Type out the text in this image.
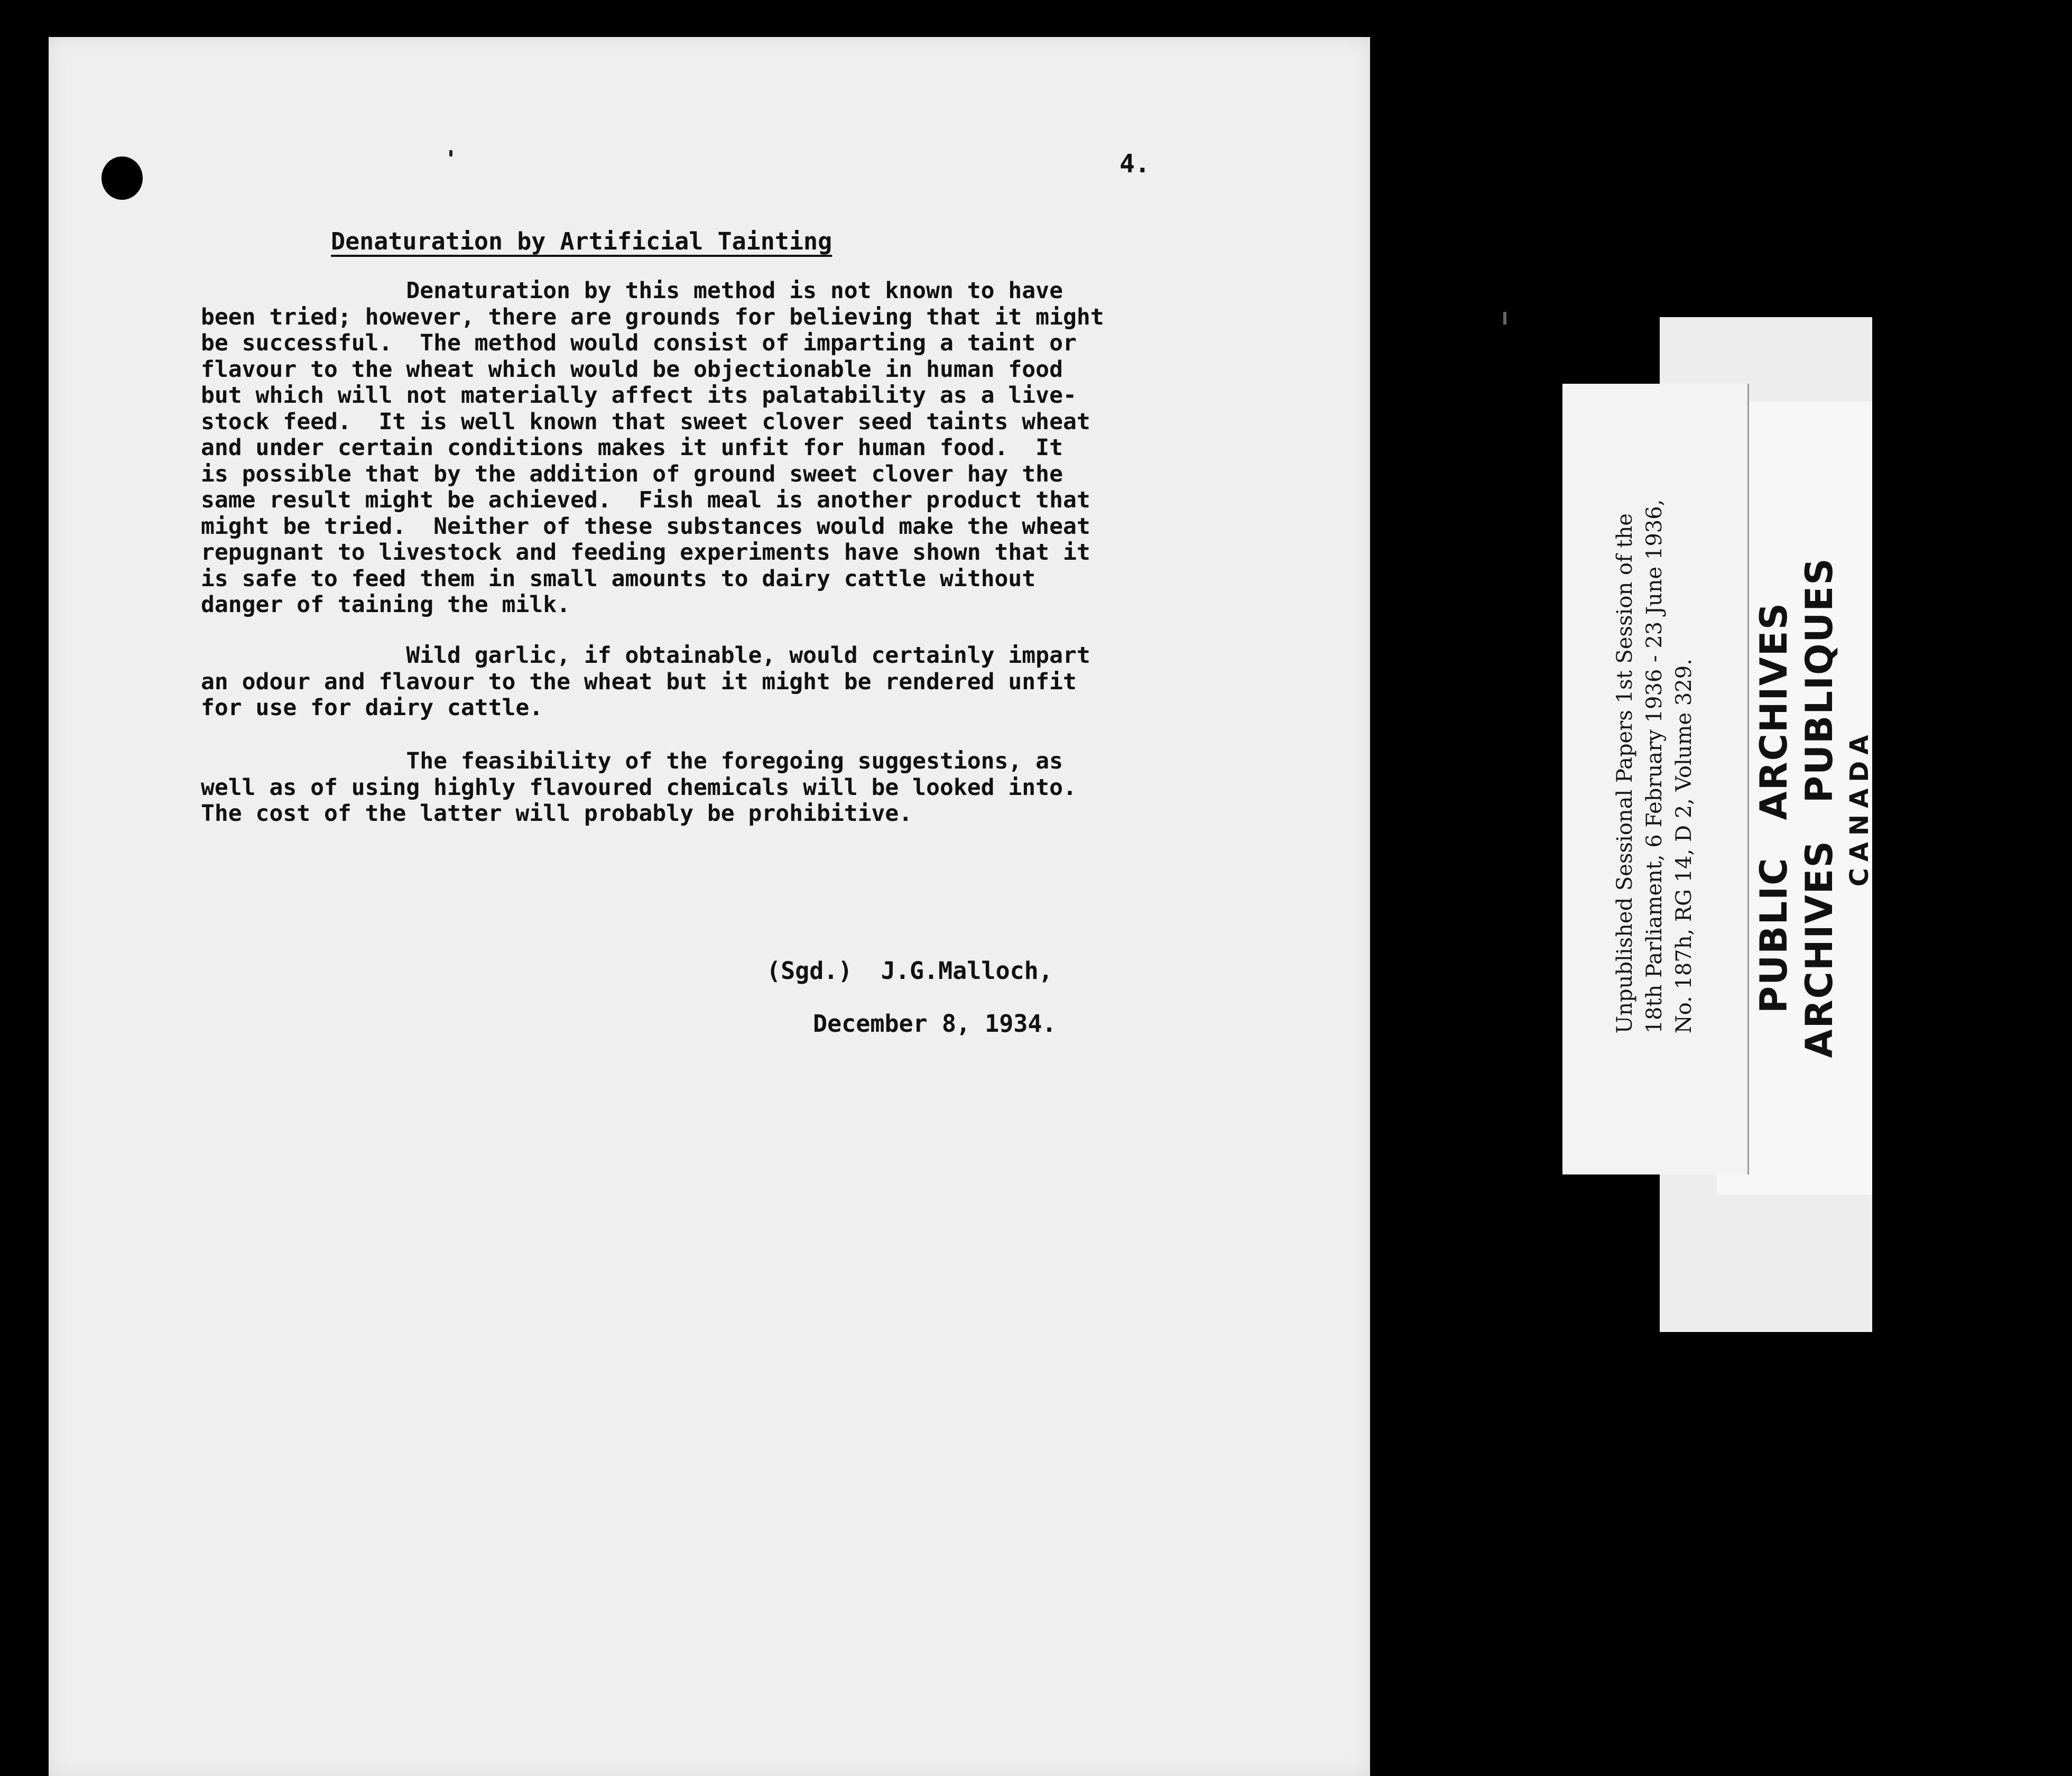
4.
Denaturation by Artificial Tainting
Denaturation by this method is not known to have
been tried; however, there are grounds for believing that it might
be successful.  The method would consist of imparting a taint or
flavour to the wheat which would be objectionable in human food
but which will not materially affect its palatability as a live-
stock feed.  It is well known that sweet clover seed taints wheat
and under certain conditions makes it unfit for human food.  It
is possible that by the addition of ground sweet clover hay the
same result might be achieved.  Fish meal is another product that
might be tried.  Neither of these substances would make the wheat
repugnant to livestock and feeding experiments have shown that it
is safe to feed them in small amounts to dairy cattle without
danger of taining the milk.
Wild garlic, if obtainable, would certainly impart
an odour and flavour to the wheat but it might be rendered unfit
for use for dairy cattle.
The feasibility of the foregoing suggestions, as
well as of using highly flavoured chemicals will be looked into.
The cost of the latter will probably be prohibitive.
(Sgd.)  J.G.Malloch,
December 8, 1934.	Unpublished Sessional Papers 1st Session of the
18th Parliament, 6 February 1936 - 23 June 1936,
No. 187h, RG 14, D 2, Volume 329.
PUBLICARCHIVES
ARCHIVESPUBLIQUES
CANADA
